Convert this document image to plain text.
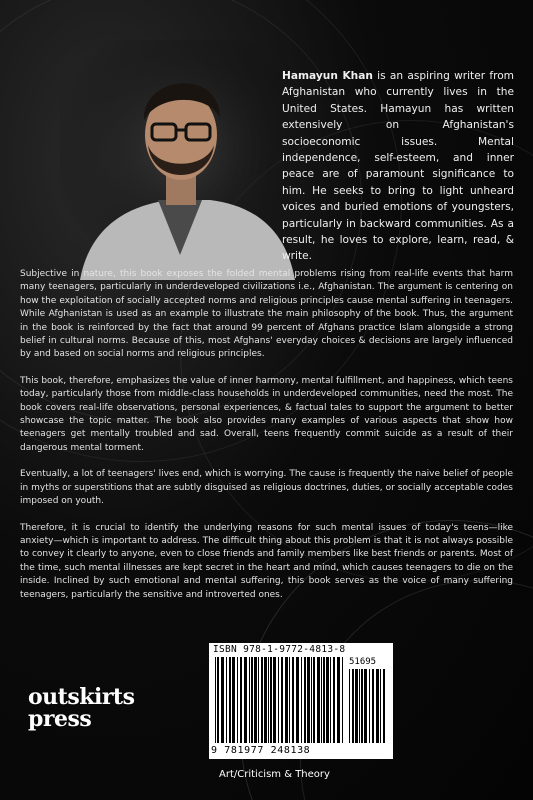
Hamayun Khan is an aspiring writer from Afghanistan who currently lives in the United States. Hamayun has written extensively on Afghanistan's socioeconomic issues. Mental independence, self-esteem, and inner peace are of paramount significance to him. He seeks to bring to light unheard voices and buried emotions of youngsters, particularly in backward communities. As a result, he loves to explore, learn, read, & write.

Subjective in nature, this book exposes the folded mental problems rising from real-life events that harm many teenagers, particularly in underdeveloped civilizations i.e., Afghanistan. The argument is centering on how the exploitation of socially accepted norms and religious principles cause mental suffering in teenagers. While Afghanistan is used as an example to illustrate the main philosophy of the book. Thus, the argument in the book is reinforced by the fact that around 99 percent of Afghans practice Islam alongside a strong belief in cultural norms. Because of this, most Afghans' everyday choices & decisions are largely influenced by and based on social norms and religious principles.

This book, therefore, emphasizes the value of inner harmony, mental fulfillment, and happiness, which teens today, particularly those from middle-class households in underdeveloped communities, need the most. The book covers real-life observations, personal experiences, & factual tales to support the argument to better showcase the topic matter. The book also provides many examples of various aspects that show how teenagers get mentally troubled and sad. Overall, teens frequently commit suicide as a result of their dangerous mental torment.

Eventually, a lot of teenagers' lives end, which is worrying. The cause is frequently the naive belief of people in myths or superstitions that are subtly disguised as religious doctrines, duties, or socially acceptable codes imposed on youth.

Therefore, it is crucial to identify the underlying reasons for such mental issues of today's teens—like anxiety—which is important to address. The difficult thing about this problem is that it is not always possible to convey it clearly to anyone, even to close friends and family members like best friends or parents. Most of the time, such mental illnesses are kept secret in the heart and mind, which causes teenagers to die on the inside. Inclined by such emotional and mental suffering, this book serves as the voice of many suffering teenagers, particularly the sensitive and introverted ones.

outskirts
press
ISBN 978-1-9772-4813-8
51695
9 781977 248138
Art/Criticism & Theory
